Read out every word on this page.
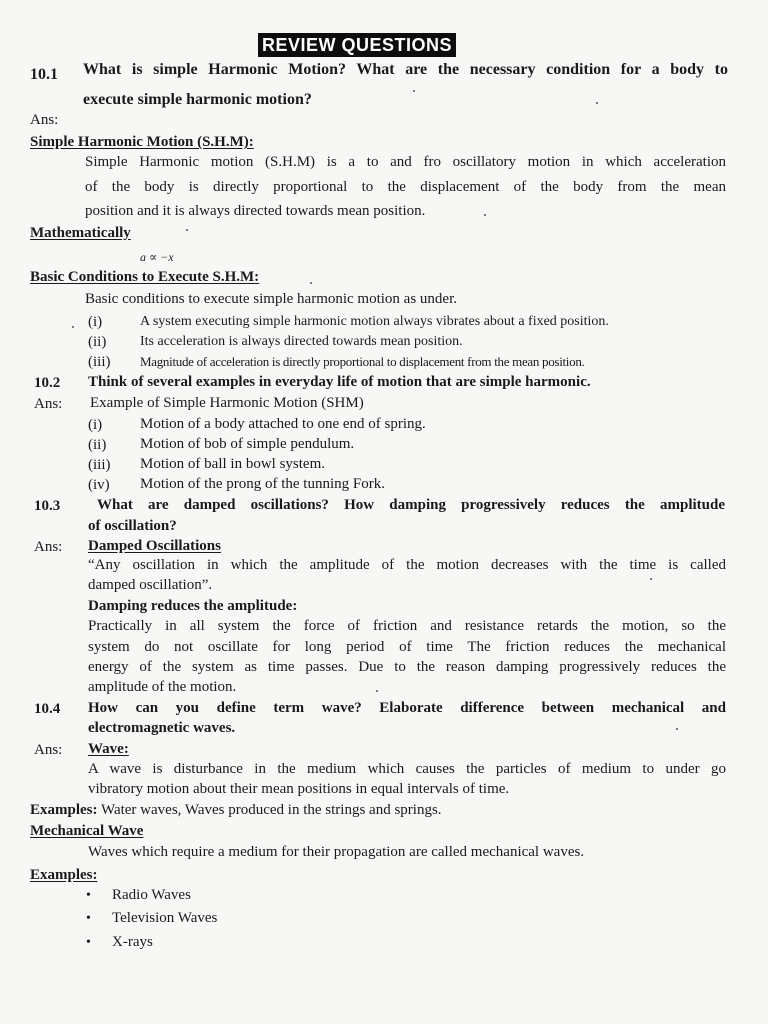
REVIEW QUESTIONS
10.1 What is simple Harmonic Motion? What are the necessary condition for a body to
execute simple harmonic motion?
Ans:
Simple Harmonic Motion (S.H.M):
Simple Harmonic motion (S.H.M) is a to and fro oscillatory motion in which acceleration
of the body is directly proportional to the displacement of the body from the mean
position and it is always directed towards mean position.
Mathematically
a ∝ −x
Basic Conditions to Execute S.H.M:
Basic conditions to execute simple harmonic motion as under.
(i)	A system executing simple harmonic motion always vibrates about a fixed position.
(ii) Its acceleration is always directed towards mean position.
(iii) Magnitude of acceleration is directly proportional to displacement from the mean position.
10.2 Think of several examples in everyday life of motion that are simple harmonic.
Ans: Example of Simple Harmonic Motion (SHM)
(i)	Motion of a body attached to one end of spring.
(ii) Motion of bob of simple pendulum.
(iii) Motion of ball in bowl system.
(iv) Motion of the prong of the tunning Fork.
10.3 What are damped oscillations? How damping progressively reduces the amplitude
of oscillation?
Ans: Damped Oscillations
“Any oscillation in which the amplitude of the motion decreases with the time is called
damped oscillation”.
Damping reduces the amplitude:
Practically in all system the force of friction and resistance retards the motion, so the
system do not oscillate for long period of time The friction reduces the mechanical
energy of the system as time passes. Due to the reason damping progressively reduces the
amplitude of the motion.
10.4 How can you define term wave? Elaborate difference between mechanical and
electromagnetic waves.
Ans: Wave:
A wave is disturbance in the medium which causes the particles of medium to under go
vibratory motion about their mean positions in equal intervals of time.
Examples: Water waves, Waves produced in the strings and springs.
Mechanical Wave
Waves which require a medium for their propagation are called mechanical waves.
Examples:
• Radio Waves
• Television Waves
• X-rays
